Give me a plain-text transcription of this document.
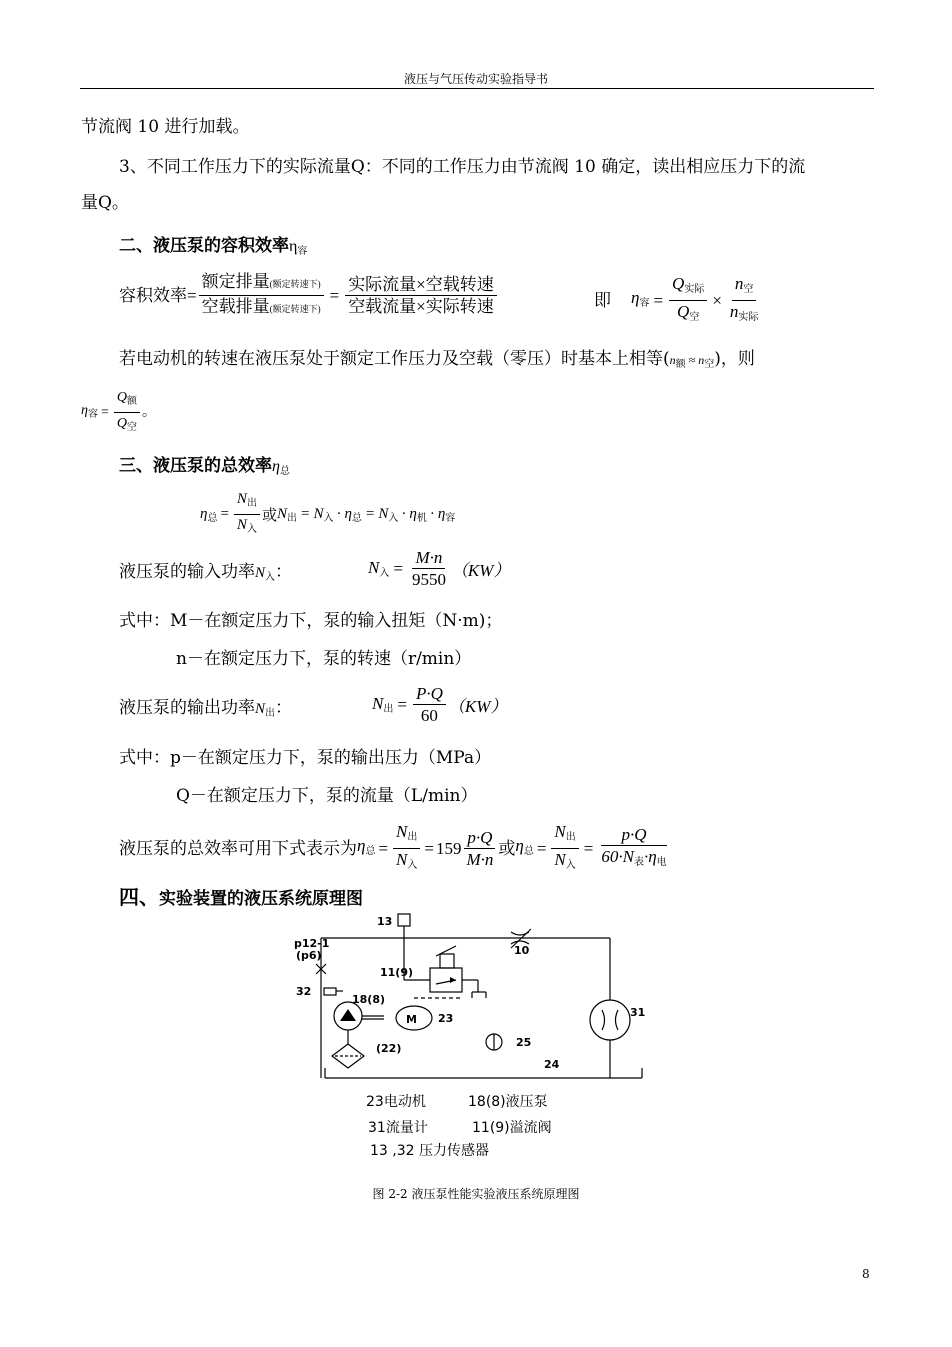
液压与气压传动实验指导书
节流阀 10 进行加载。
3、不同工作压力下的实际流量Q：不同的工作压力由节流阀 10 确定，读出相应压力下的流
量Q。
二、液压泵的容积效率$\eta_容$
容积效率= $\frac{\text{额定排量(额定转速下)}}{\text{空载排量(额定转速下)}} = \frac{\text{实际流量×空载转速}}{\text{空载流量×实际转速}}$	即 $\eta_容 = \frac{Q_{实际}}{Q_空} \times \frac{n_空}{n_{实际}}$
若电动机的转速在液压泵处于额定工作压力及空载（零压）时基本上相等$(n_额 \approx n_空)$，则
$\eta_容 = \frac{Q_额}{Q_空}$ 。
三、液压泵的总效率$\eta_总$
$\eta_总 = \frac{N_出}{N_入}$ 或 $N_出 = N_入 \cdot \eta_总 = N_入 \cdot \eta_机 \cdot \eta_容$
液压泵的输入功率$N_入$：	$N_入 = \frac{M\cdot n}{9550} (KW)$
式中：M－在额定压力下，泵的输入扭矩（N·m)；
n－在额定压力下，泵的转速（r/min）
液压泵的输出功率$N_出$：	$N_出 = \frac{P\cdot Q}{60} (KW)$
式中：p－在额定压力下，泵的输出压力（MPa）
Q－在额定压力下，泵的流量（L/min）
液压泵的总效率可用下式表示为 $\eta_总 = \frac{N_出}{N_入} = 159 \frac{p\cdot Q}{M\cdot n}$ 或 $\eta_总 = \frac{N_出}{N_入} = \frac{p\cdot Q}{60\cdot N_表\cdot\eta_电}$
四、实验装置的液压系统原理图
13
p12-1
(p6)	10
11(9)
32
18(8)
M 23	31
25
(22)
24
23电动机	18(8)液压泵
31流量计	11(9)溢流阀
13 ,32 压力传感器
图 2-2 液压泵性能实验液压系统原理图
8
